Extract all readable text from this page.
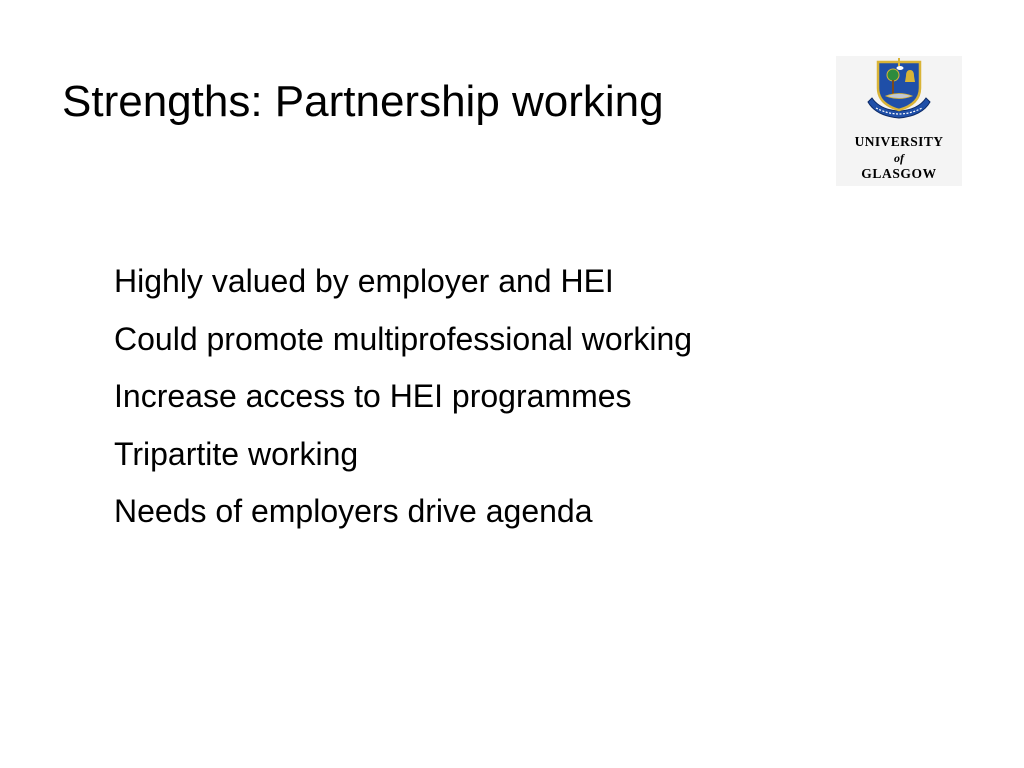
Strengths: Partnership working
UNIVERSITY
of
GLASGOW
Highly valued by employer and HEI
Could promote multiprofessional working
Increase access to HEI programmes
Tripartite working
Needs of employers drive agenda
